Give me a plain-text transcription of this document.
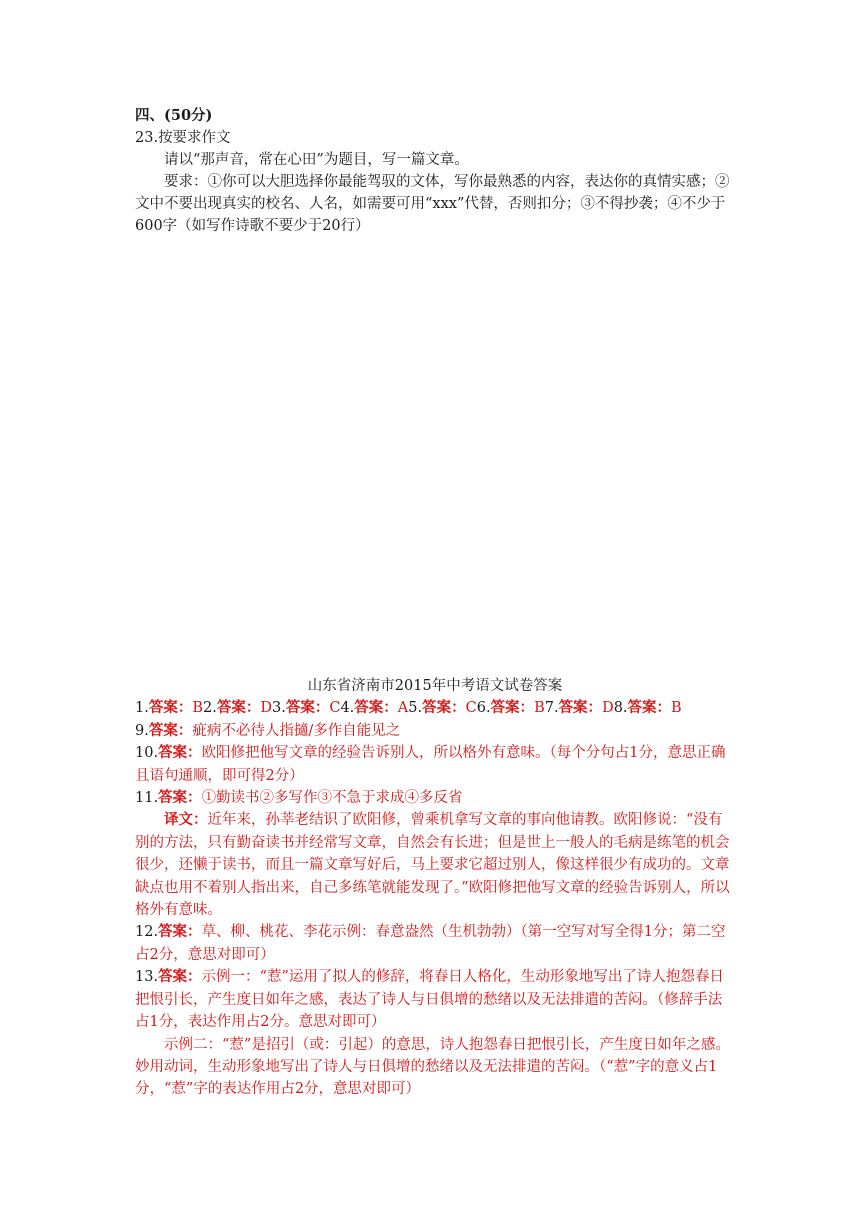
四、(50分)

23.按要求作文

请以“那声音，常在心田”为题目，写一篇文章。

要求：①你可以大胆选择你最能驾驭的文体，写你最熟悉的内容，表达你的真情实感；②文中不要出现真实的校名、人名，如需要可用“xxx”代替，否则扣分；③不得抄袭；④不少于600字（如写作诗歌不要少于20行）

山东省济南市2015年中考语文试卷答案

1.答案：B2.答案：D3.答案：C4.答案：A5.答案：C6.答案：B7.答案：D8.答案：B

9.答案：疵病不必待人指擿/多作自能见之

10.答案：欧阳修把他写文章的经验告诉别人，所以格外有意味。（每个分句占1分，意思正确且语句通顺，即可得2分）

11.答案：①勤读书②多写作③不急于求成④多反省

译文：近年来，孙莘老结识了欧阳修，曾乘机拿写文章的事向他请教。欧阳修说：“没有别的方法，只有勤奋读书并经常写文章，自然会有长进；但是世上一般人的毛病是练笔的机会很少，还懒于读书，而且一篇文章写好后，马上要求它超过别人，像这样很少有成功的。文章缺点也用不着别人指出来，自己多练笔就能发现了。”欧阳修把他写文章的经验告诉别人，所以格外有意味。

12.答案：草、柳、桃花、李花示例：春意盎然（生机勃勃）（第一空写对写全得1分；第二空占2分，意思对即可）

13.答案：示例一：“惹”运用了拟人的修辞，将春日人格化，生动形象地写出了诗人抱怨春日把恨引长，产生度日如年之感，表达了诗人与日俱增的愁绪以及无法排遣的苦闷。（修辞手法占1分，表达作用占2分。意思对即可）

示例二：“惹”是招引（或：引起）的意思，诗人抱怨春日把恨引长，产生度日如年之感。妙用动词，生动形象地写出了诗人与日俱增的愁绪以及无法排遣的苦闷。（“惹”字的意义占1分，“惹”字的表达作用占2分，意思对即可）
